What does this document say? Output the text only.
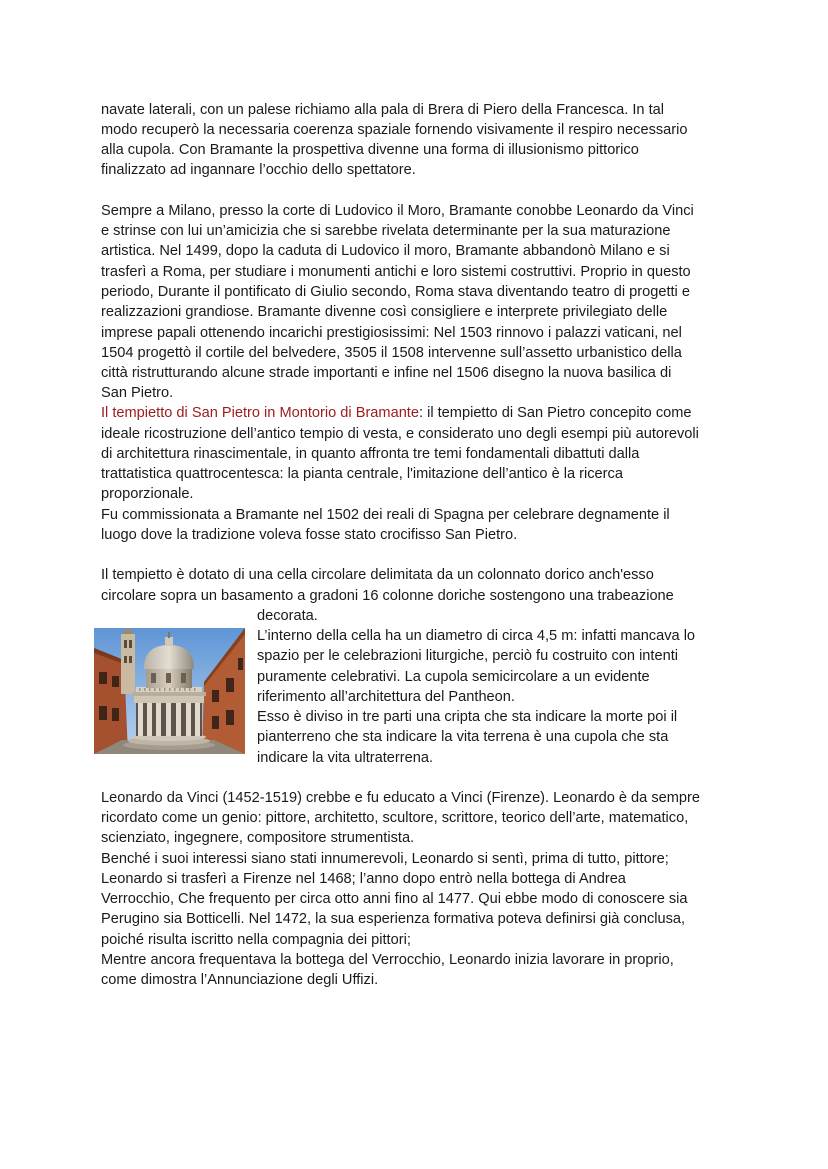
navate laterali, con un palese richiamo alla pala di Brera di Piero della Francesca. In tal
modo recuperò la necessaria coerenza spaziale fornendo visivamente il respiro necessario
alla cupola. Con Bramante la prospettiva divenne una forma di illusionismo pittorico
finalizzato ad ingannare l’occhio dello spettatore.
Sempre a Milano, presso la corte di Ludovico il Moro, Bramante conobbe Leonardo da Vinci
e strinse con lui un’amicizia che si sarebbe rivelata determinante per la sua maturazione
artistica. Nel 1499, dopo la caduta di Ludovico il moro, Bramante abbandonò Milano e si
trasferì a Roma, per studiare i monumenti antichi e loro sistemi costruttivi. Proprio in questo
periodo, Durante il pontificato di Giulio secondo, Roma stava diventando teatro di progetti e
realizzazioni grandiose. Bramante divenne così consigliere e interprete privilegiato delle
imprese papali ottenendo incarichi prestigiosissimi: Nel 1503 rinnovo i palazzi vaticani, nel
1504 progettò il cortile del belvedere, 3505 il 1508 intervenne sull’assetto urbanistico della
città ristrutturando alcune strade importanti e infine nel 1506 disegno la nuova basilica di
San Pietro.
Il tempietto di San Pietro in Montorio di Bramante: il tempietto di San Pietro concepito come
ideale ricostruzione dell’antico tempio di vesta, e considerato uno degli esempi più autorevoli
di architettura rinascimentale, in quanto affronta tre temi fondamentali dibattuti dalla
trattatistica quattrocentesca: la pianta centrale, l'imitazione dell’antico è la ricerca
proporzionale.
Fu commissionata a Bramante nel 1502 dei reali di Spagna per celebrare degnamente il
luogo dove la tradizione voleva fosse stato crocifisso San Pietro.
Il tempietto è dotato di una cella circolare delimitata da un colonnato dorico anch'esso
circolare sopra un basamento a gradoni 16 colonne doriche sostengono una trabeazione
decorata.
L’interno della cella ha un diametro di circa 4,5 m: infatti mancava lo
spazio per le celebrazioni liturgiche, perciò fu costruito con intenti
puramente celebrativi. La cupola semicircolare a un evidente
riferimento all’architettura del Pantheon.
Esso è diviso in tre parti una cripta che sta indicare la morte poi il
pianterreno che sta indicare la vita terrena è una cupola che sta
indicare la vita ultraterrena.
Leonardo da Vinci (1452-1519) crebbe e fu educato a Vinci (Firenze). Leonardo è da sempre
ricordato come un genio: pittore, architetto, scultore, scrittore, teorico dell’arte, matematico,
scienziato, ingegnere, compositore strumentista.
Benché i suoi interessi siano stati innumerevoli, Leonardo si sentì, prima di tutto, pittore;
Leonardo si trasferì a Firenze nel 1468; l’anno dopo entrò nella bottega di Andrea
Verrocchio, Che frequento per circa otto anni fino al 1477. Qui ebbe modo di conoscere sia
Perugino sia Botticelli. Nel 1472, la sua esperienza formativa poteva definirsi già conclusa,
poiché risulta iscritto nella compagnia dei pittori;
Mentre ancora frequentava la bottega del Verrocchio, Leonardo inizia lavorare in proprio,
come dimostra l’Annunciazione degli Uffizi.
